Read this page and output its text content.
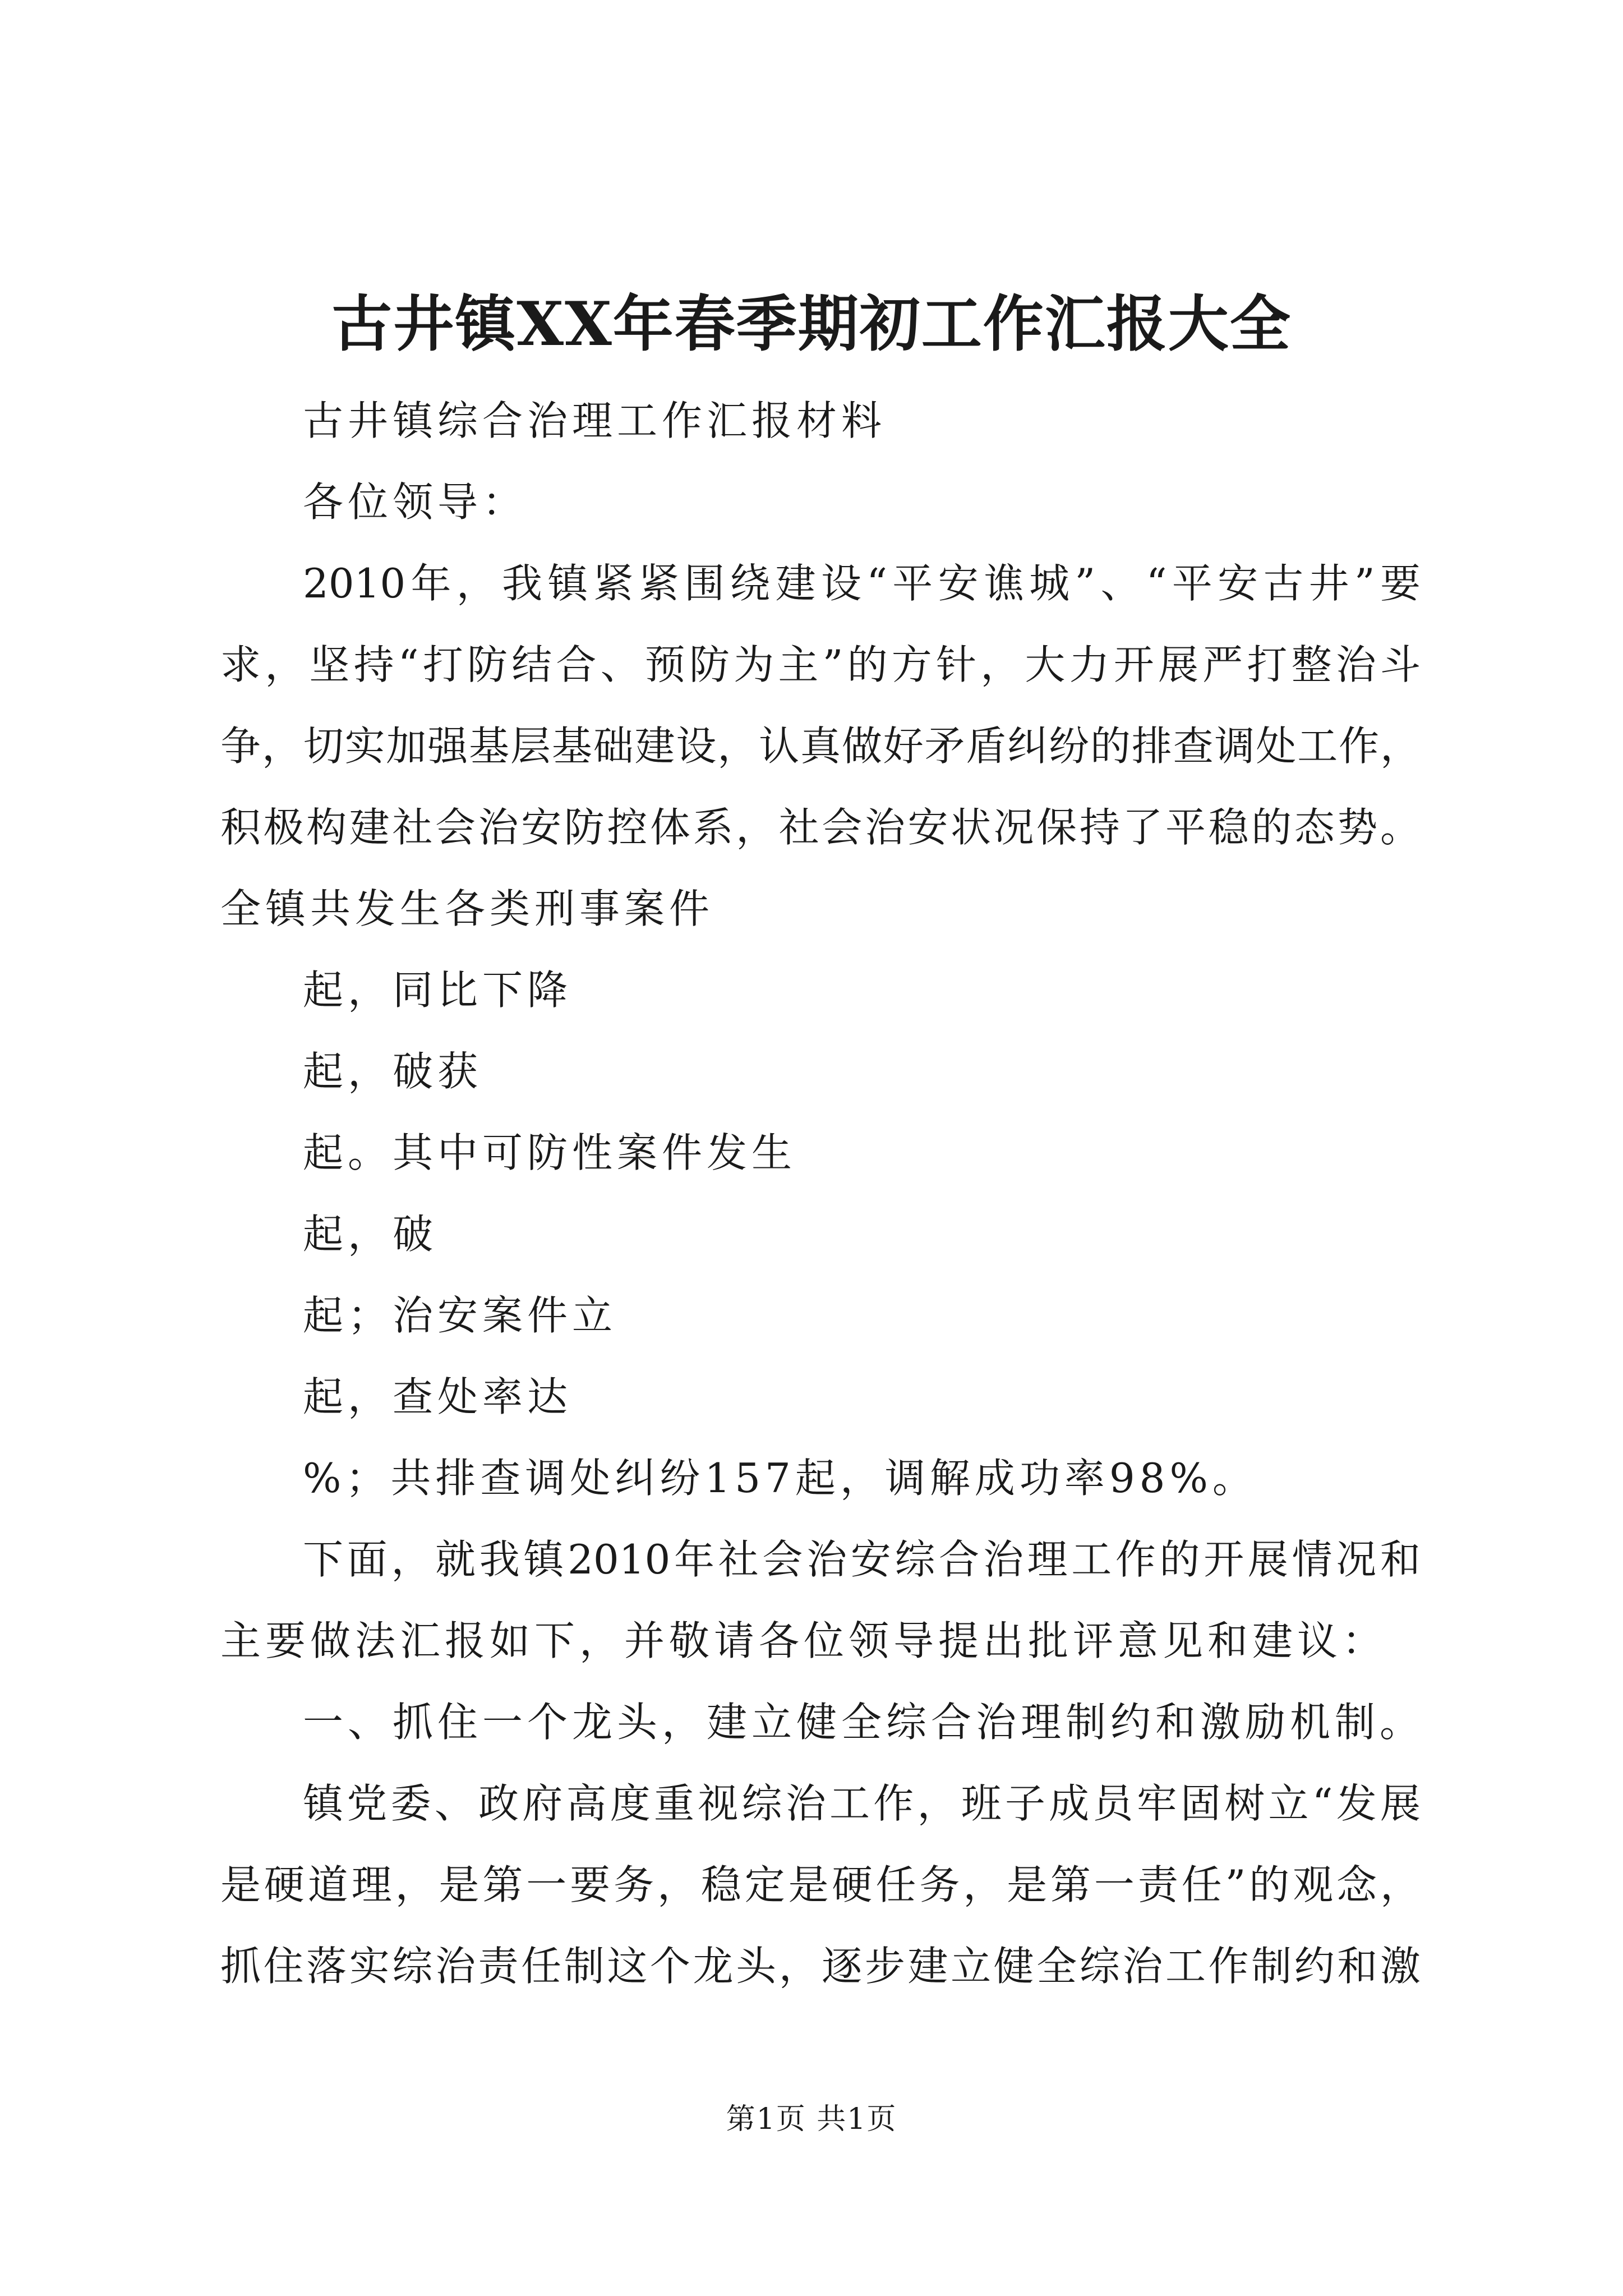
古井镇XX年春季期初工作汇报大全

古井镇综合治理工作汇报材料

各位领导：

2010年，我镇紧紧围绕建设“平安谯城”、“平安古井”要

求，坚持“打防结合、预防为主”的方针，大力开展严打整治斗

争，切实加强基层基础建设，认真做好矛盾纠纷的排查调处工作，

积极构建社会治安防控体系，社会治安状况保持了平稳的态势。

全镇共发生各类刑事案件

起，同比下降

起，破获

起。其中可防性案件发生

起，破

起；治安案件立

起，查处率达

%；共排查调处纠纷157起，调解成功率98%。

下面，就我镇2010年社会治安综合治理工作的开展情况和

主要做法汇报如下，并敬请各位领导提出批评意见和建议：

一、抓住一个龙头，建立健全综合治理制约和激励机制。

镇党委、政府高度重视综治工作，班子成员牢固树立“发展

是硬道理，是第一要务，稳定是硬任务，是第一责任”的观念，

抓住落实综治责任制这个龙头，逐步建立健全综治工作制约和激

第1页 共1页
